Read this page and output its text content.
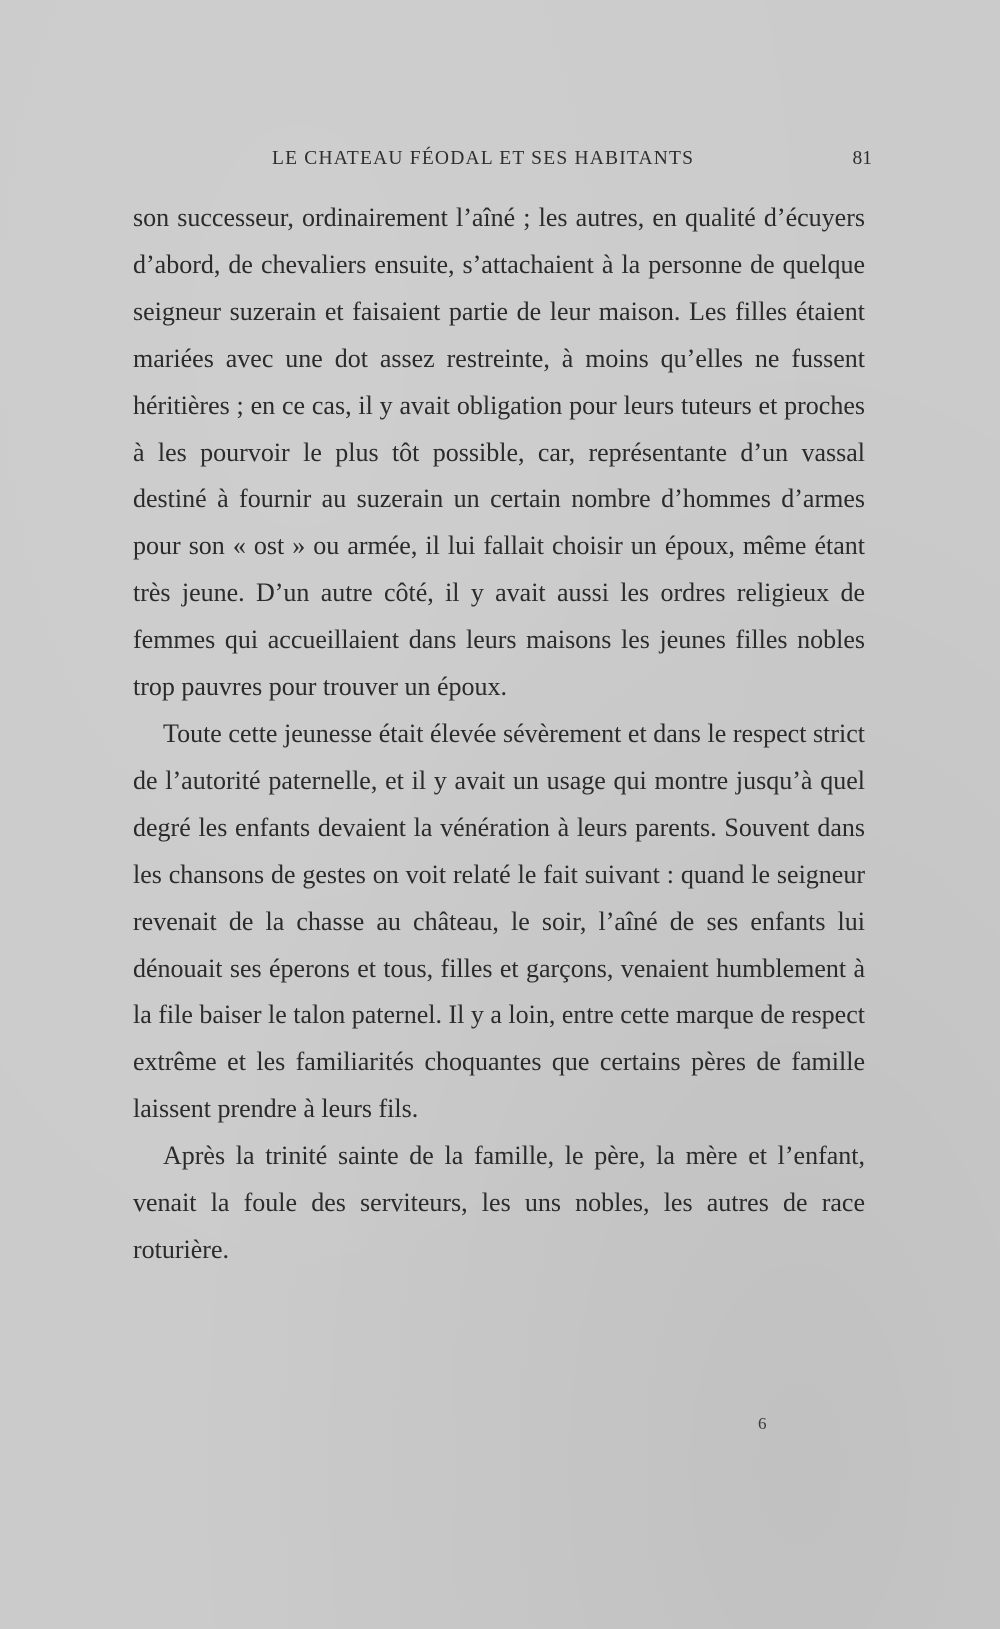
LE CHATEAU FÉODAL ET SES HABITANTS	81

son successeur, ordinairement l’aîné ; les autres, en qualité d’écuyers d’abord, de chevaliers ensuite, s’attachaient à la personne de quelque seigneur suzerain et faisaient partie de leur maison. Les filles étaient mariées avec une dot assez restreinte, à moins qu’elles ne fussent héritières ; en ce cas, il y avait obligation pour leurs tuteurs et proches à les pourvoir le plus tôt possible, car, représentante d’un vassal destiné à fournir au suzerain un certain nombre d’hommes d’armes pour son « ost » ou armée, il lui fallait choisir un époux, même étant très jeune. D’un autre côté, il y avait aussi les ordres religieux de femmes qui accueillaient dans leurs maisons les jeunes filles nobles trop pauvres pour trouver un époux.

Toute cette jeunesse était élevée sévèrement et dans le respect strict de l’autorité paternelle, et il y avait un usage qui montre jusqu’à quel degré les enfants devaient la vénération à leurs parents. Souvent dans les chansons de gestes on voit relaté le fait suivant : quand le seigneur revenait de la chasse au château, le soir, l’aîné de ses enfants lui dénouait ses éperons et tous, filles et garçons, venaient humblement à la file baiser le talon paternel. Il y a loin, entre cette marque de respect extrême et les familiarités choquantes que certains pères de famille laissent prendre à leurs fils.

Après la trinité sainte de la famille, le père, la mère et l’enfant, venait la foule des serviteurs, les uns nobles, les autres de race roturière.

6
